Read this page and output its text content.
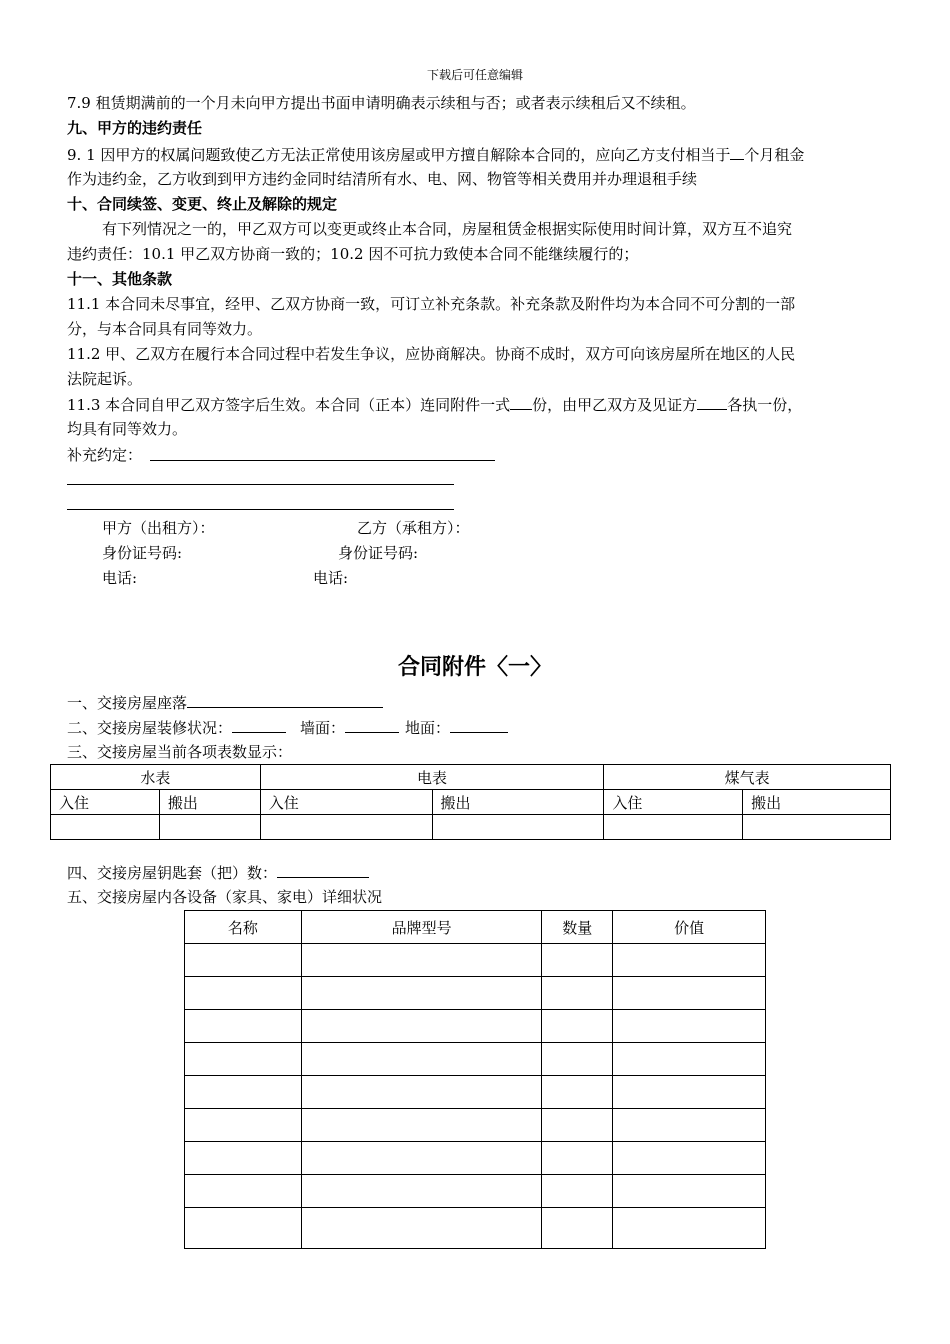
下载后可任意编辑
7.9 租赁期满前的一个月未向甲方提出书面申请明确表示续租与否；或者表示续租后又不续租。
九、甲方的违约责任
9. 1 因甲方的权属问题致使乙方无法正常使用该房屋或甲方擅自解除本合同的，应向乙方支付相当于 个月租金
作为违约金，乙方收到到甲方违约金同时结清所有水、电、网、物管等相关费用并办理退租手续
十、合同续签、变更、终止及解除的规定
有下列情况之一的，甲乙双方可以变更或终止本合同，房屋租赁金根据实际使用时间计算，双方互不追究
违约责任：10.1 甲乙双方协商一致的；10.2 因不可抗力致使本合同不能继续履行的；
十一、其他条款
11.1 本合同未尽事宜，经甲、乙双方协商一致，可订立补充条款。补充条款及附件均为本合同不可分割的一部
分，与本合同具有同等效力。
11.2 甲、乙双方在履行本合同过程中若发生争议，应协商解决。协商不成时，双方可向该房屋所在地区的人民
法院起诉。
11.3 本合同自甲乙双方签字后生效。本合同（正本）连同附件一式 份，由甲乙双方及见证方 各执一份，
均具有同等效力。
补充约定：
甲方（出租方）：	乙方（承租方）：
身份证号码:	身份证号码:
电话:	电话:
合同附件〈一〉
一、交接房屋座落
二、交接房屋装修状况：	墙面：	地面：
三、交接房屋当前各项表数显示：
水表		电表		煤气表	
入住	搬出	入住	搬出	入住	搬出

四、交接房屋钥匙套（把）数：
五、交接房屋内各设备（家具、家电）详细状况
名称	品牌型号	数量	价值
